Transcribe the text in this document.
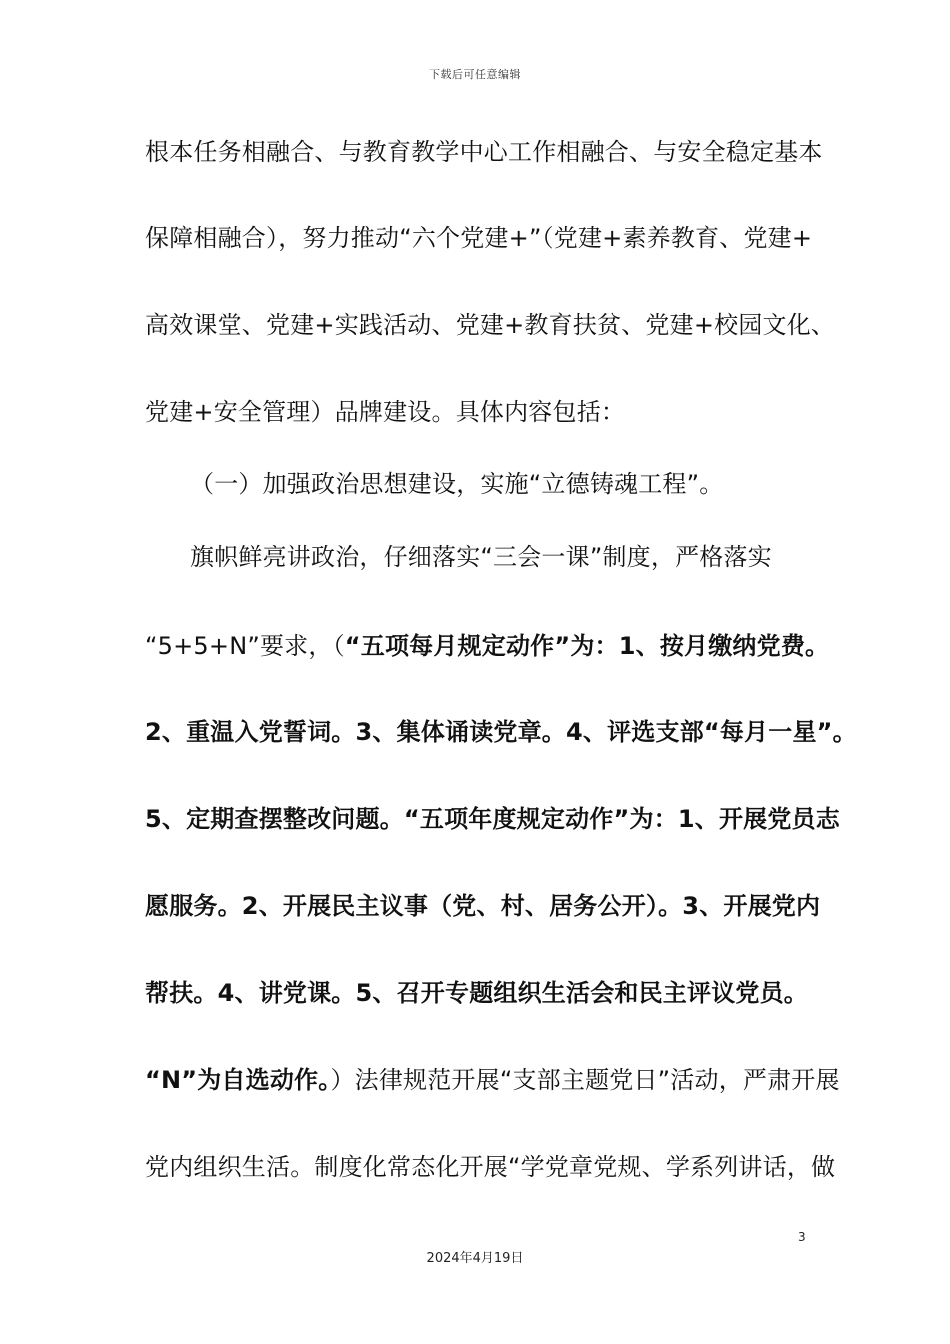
下载后可任意编辑
根本任务相融合、与教育教学中心工作相融合、与安全稳定基本
保障相融合），努力推动“六个党建+”（党建+素养教育、党建+
高效课堂、党建+实践活动、党建+教育扶贫、党建+校园文化、
党建+安全管理）品牌建设。具体内容包括：
（一）加强政治思想建设，实施“立德铸魂工程”。
旗帜鲜亮讲政治，仔细落实“三会一课”制度，严格落实
“5+5+N”要求，（“五项每月规定动作”为：1、按月缴纳党费。
2、重温入党誓词。3、集体诵读党章。4、评选支部“每月一星”。
5、定期查摆整改问题。“五项年度规定动作”为：1、开展党员志
愿服务。2、开展民主议事（党、村、居务公开）。3、开展党内
帮扶。4、讲党课。5、召开专题组织生活会和民主评议党员。
“N”为自选动作。）法律规范开展“支部主题党日”活动，严肃开展
党内组织生活。制度化常态化开展“学党章党规、学系列讲话，做
3
2024年4月19日
